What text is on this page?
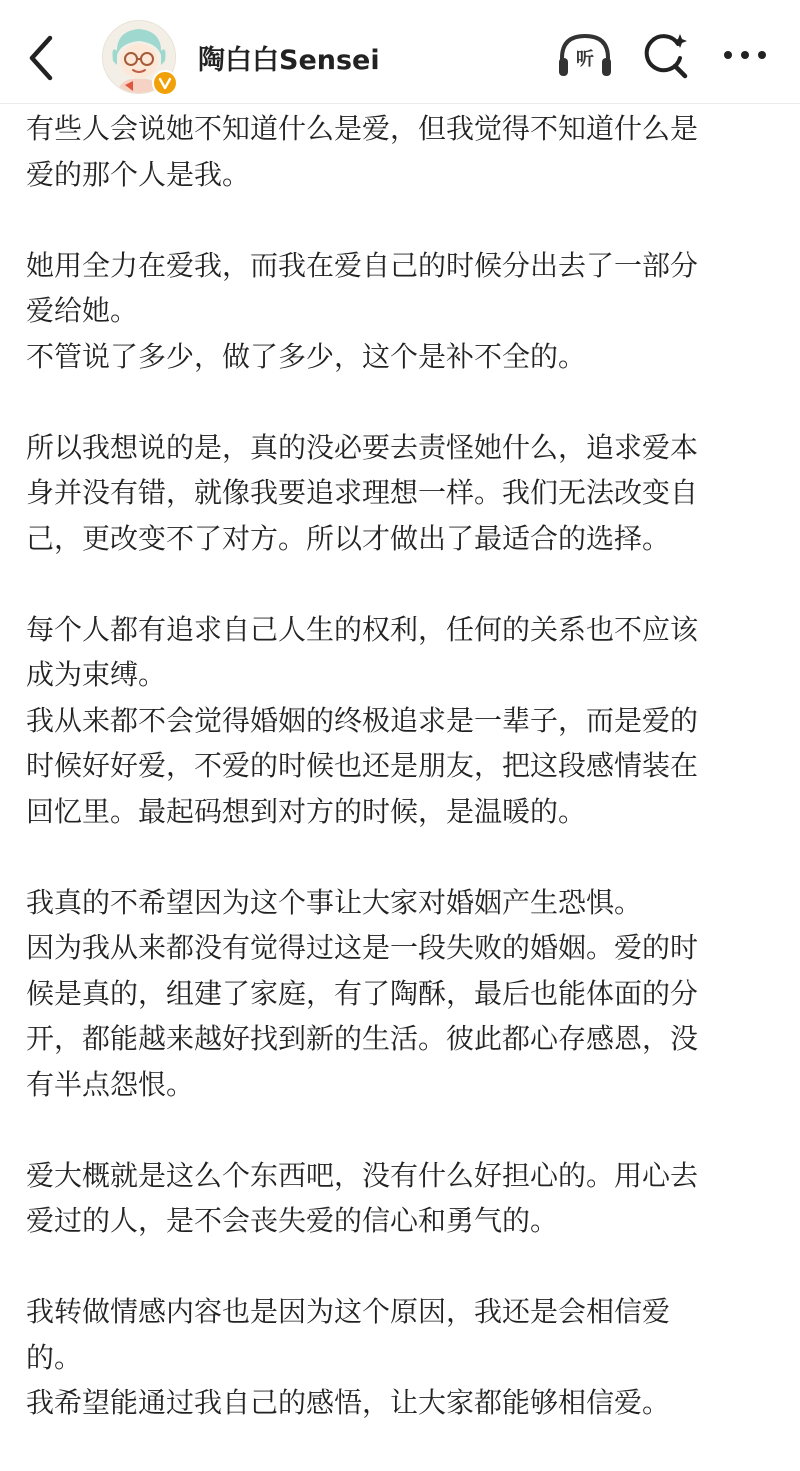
陶白白Sensei	听
有些人会说她不知道什么是爱，但我觉得不知道什么是
爱的那个人是我。
她用全力在爱我，而我在爱自己的时候分出去了一部分
爱给她。
不管说了多少，做了多少，这个是补不全的。
所以我想说的是，真的没必要去责怪她什么，追求爱本
身并没有错，就像我要追求理想一样。我们无法改变自
己，更改变不了对方。所以才做出了最适合的选择。
每个人都有追求自己人生的权利，任何的关系也不应该
成为束缚。
我从来都不会觉得婚姻的终极追求是一辈子，而是爱的
时候好好爱，不爱的时候也还是朋友，把这段感情装在
回忆里。最起码想到对方的时候，是温暖的。
我真的不希望因为这个事让大家对婚姻产生恐惧。
因为我从来都没有觉得过这是一段失败的婚姻。爱的时
候是真的，组建了家庭，有了陶酥，最后也能体面的分
开，都能越来越好找到新的生活。彼此都心存感恩，没
有半点怨恨。
爱大概就是这么个东西吧，没有什么好担心的。用心去
爱过的人，是不会丧失爱的信心和勇气的。
我转做情感内容也是因为这个原因，我还是会相信爱
的。
我希望能通过我自己的感悟，让大家都能够相信爱。
